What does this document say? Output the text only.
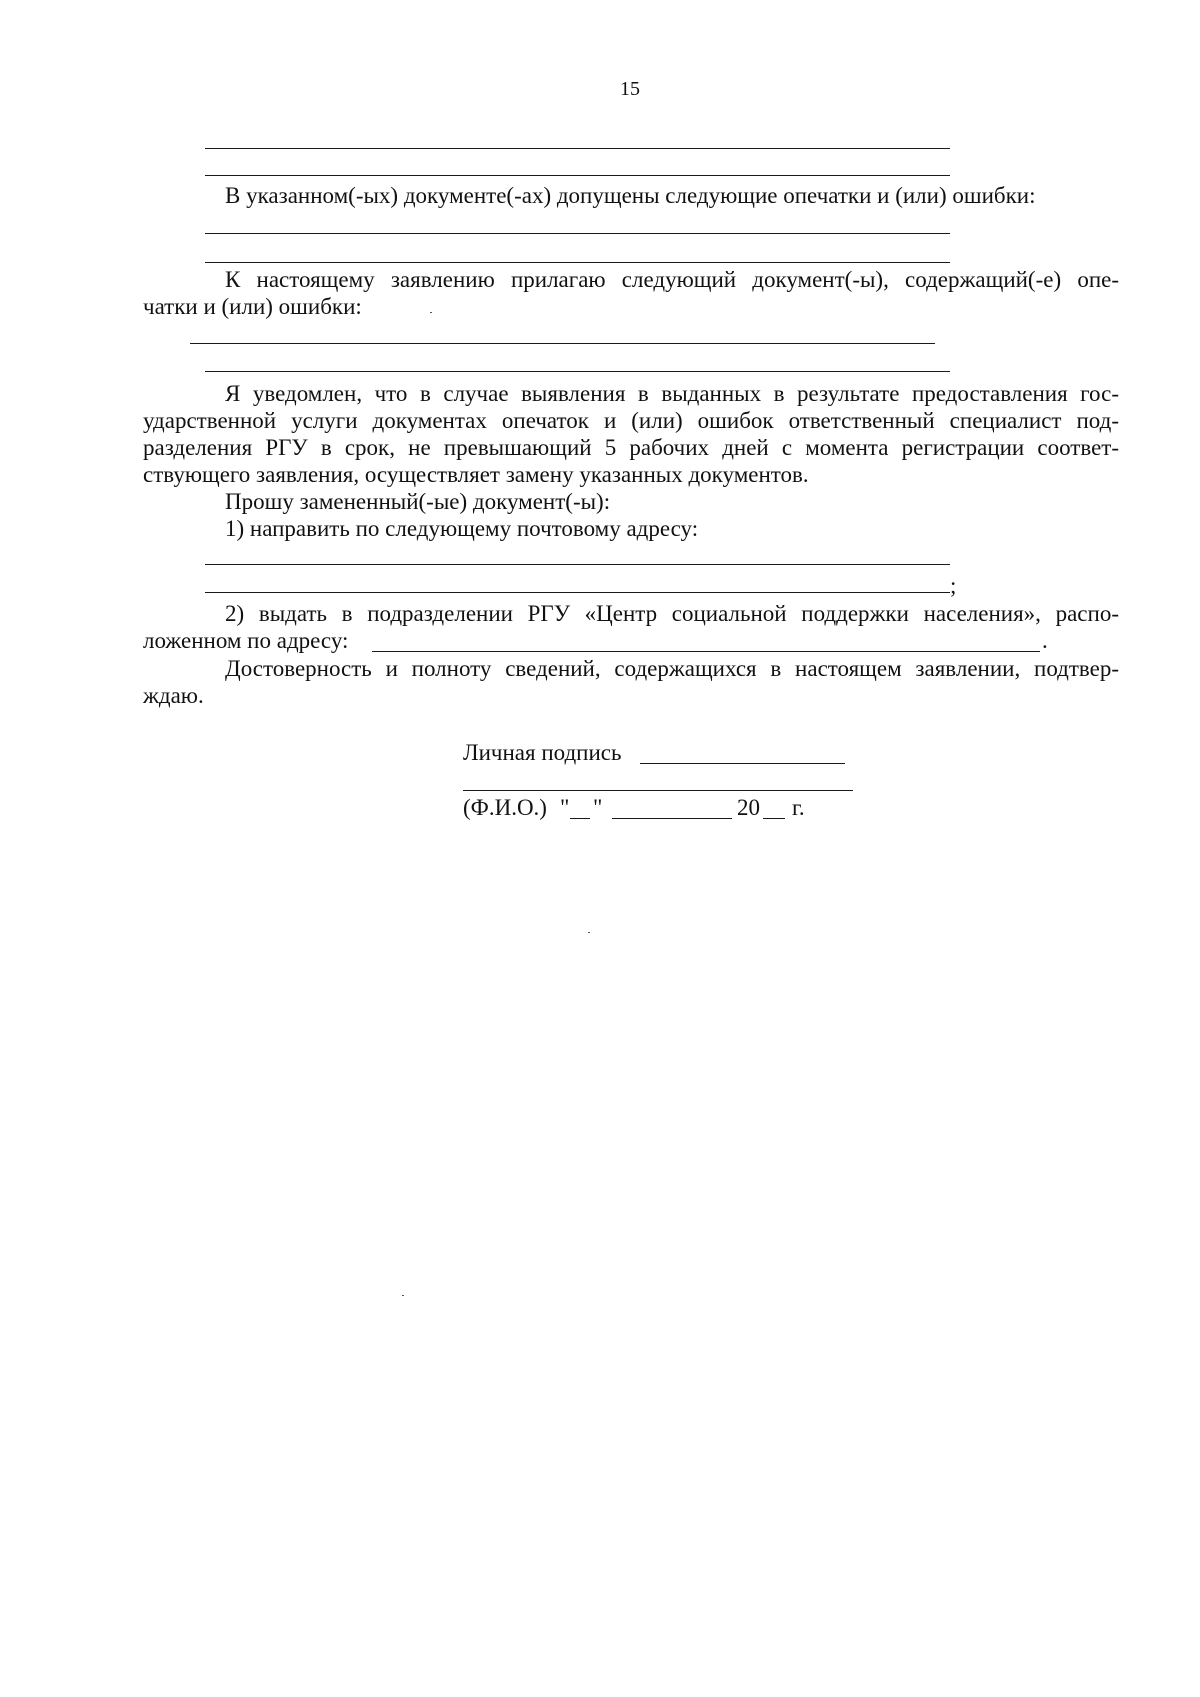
15
В указанном(-ых) документе(-ах) допущены следующие опечатки и (или) ошибки:
К настоящему заявлению прилагаю следующий документ(-ы), содержащий(-е) опе-
чатки и (или) ошибки:
Я уведомлен, что в случае выявления в выданных в результате предоставления гос-
ударственной услуги документах опечаток и (или) ошибок ответственный специалист под-
разделения РГУ в срок, не превышающий 5 рабочих дней с момента регистрации соответ-
ствующего заявления, осуществляет замену указанных документов.
Прошу замененный(-ые) документ(-ы):
1) направить по следующему почтовому адресу:
;
2) выдать в подразделении РГУ «Центр социальной поддержки населения», распо-
ложенном по адресу:	.
Достоверность и полноту сведений, содержащихся в настоящем заявлении, подтвер-
ждаю.
Личная подпись
(Ф.И.О.) " "	20 г.
